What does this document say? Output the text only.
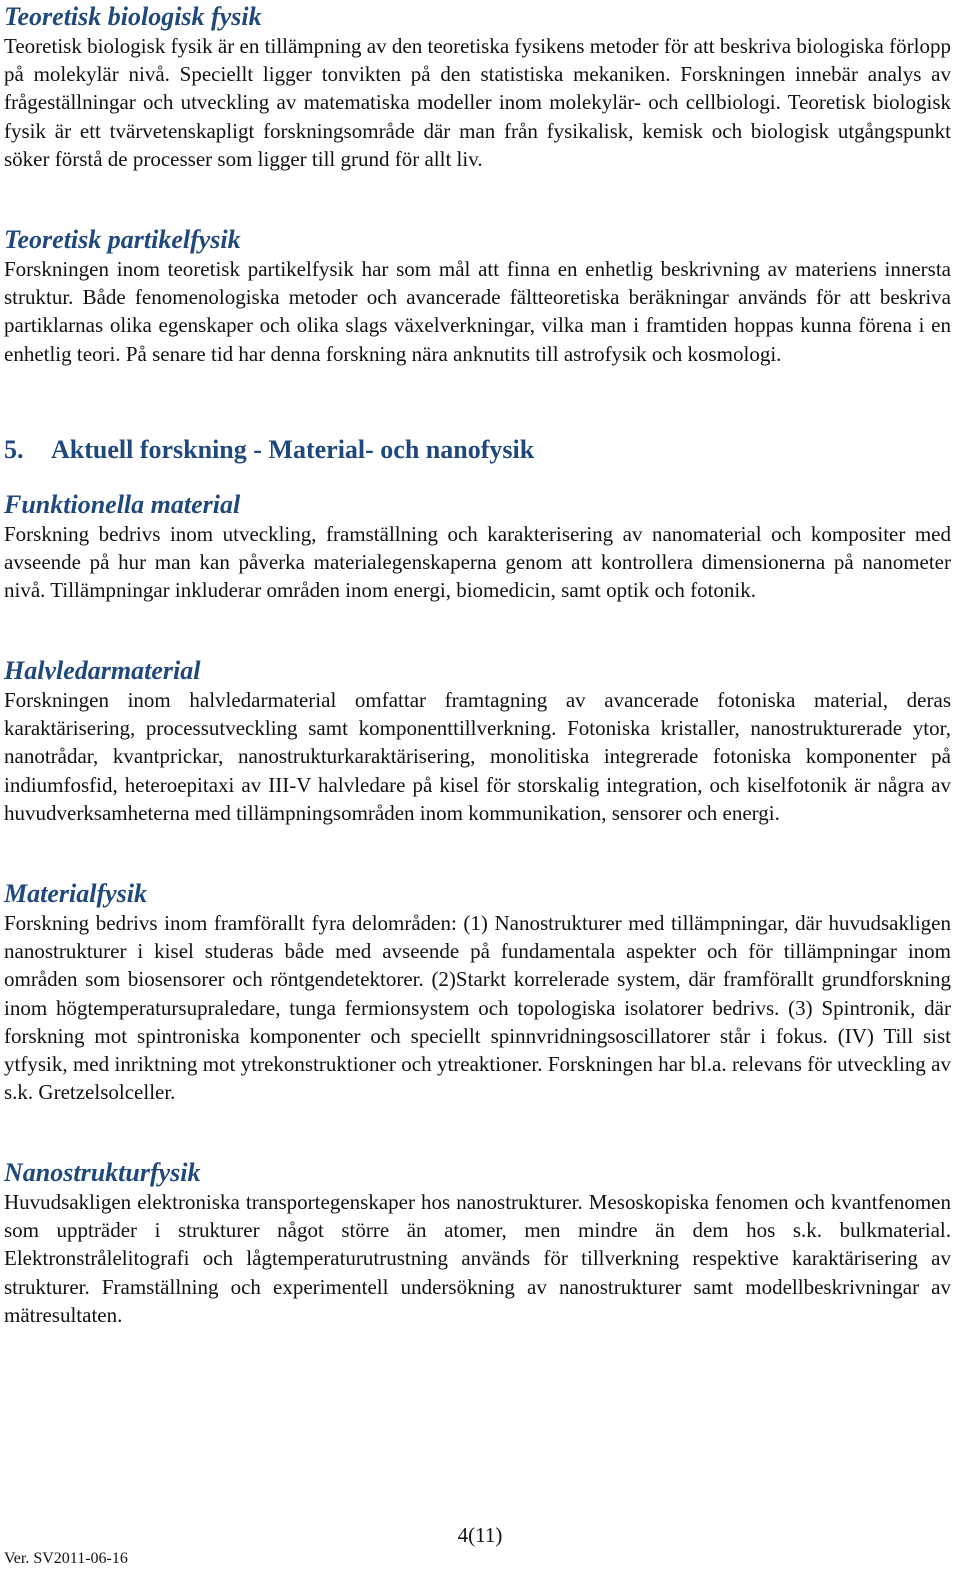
Teoretisk biologisk fysik

Teoretisk biologisk fysik är en tillämpning av den teoretiska fysikens metoder för att beskriva biologiska förlopp på molekylär nivå. Speciellt ligger tonvikten på den statistiska mekaniken. Forskningen innebär analys av frågeställningar och utveckling av matematiska modeller inom molekylär- och cellbiologi. Teoretisk biologisk fysik är ett tvärvetenskapligt forskningsområde där man från fysikalisk, kemisk och biologisk utgångspunkt söker förstå de processer som ligger till grund för allt liv.

Teoretisk partikelfysik

Forskningen inom teoretisk partikelfysik har som mål att finna en enhetlig beskrivning av materiens innersta struktur. Både fenomenologiska metoder och avancerade fältteoretiska beräkningar används för att beskriva partiklarnas olika egenskaper och olika slags växelverkningar, vilka man i framtiden hoppas kunna förena i en enhetlig teori. På senare tid har denna forskning nära anknutits till astrofysik och kosmologi.

5. Aktuell forskning - Material- och nanofysik
Funktionella material

Forskning bedrivs inom utveckling, framställning och karakterisering av nanomaterial och kompositer med avseende på hur man kan påverka materialegenskaperna genom att kontrollera dimensionerna på nanometer nivå. Tillämpningar inkluderar områden inom energi, biomedicin, samt optik och fotonik.

Halvledarmaterial

Forskningen inom halvledarmaterial omfattar framtagning av avancerade fotoniska material, deras karaktärisering, processutveckling samt komponenttillverkning. Fotoniska kristaller, nanostrukturerade ytor, nanotrådar, kvantprickar, nanostrukturkaraktärisering, monolitiska integrerade fotoniska komponenter på indiumfosfid, heteroepitaxi av III-V halvledare på kisel för storskalig integration, och kiselfotonik är några av huvudverksamheterna med tillämpningsområden inom kommunikation, sensorer och energi.

Materialfysik

Forskning bedrivs inom framförallt fyra delområden: (1) Nanostrukturer med tillämpningar, där huvudsakligen nanostrukturer i kisel studeras både med avseende på fundamentala aspekter och för tillämpningar inom områden som biosensorer och röntgendetektorer. (2)Starkt korrelerade system, där framförallt grundforskning inom högtemperatursupraledare, tunga fermionsystem och topologiska isolatorer bedrivs. (3) Spintronik, där forskning mot spintroniska komponenter och speciellt spinnvridningsoscillatorer står i fokus. (IV) Till sist ytfysik, med inriktning mot ytrekonstruktioner och ytreaktioner. Forskningen har bl.a. relevans för utveckling av s.k. Gretzelsolceller.

Nanostrukturfysik

Huvudsakligen elektroniska transportegenskaper hos nanostrukturer. Mesoskopiska fenomen och kvantfenomen som uppträder i strukturer något större än atomer, men mindre än dem hos s.k. bulkmaterial. Elektronstrålelitografi och lågtemperaturutrustning används för tillverkning respektive karaktärisering av strukturer. Framställning och experimentell undersökning av nanostrukturer samt modellbeskrivningar av mätresultaten.

4(11)
Ver. SV2011-06-16
